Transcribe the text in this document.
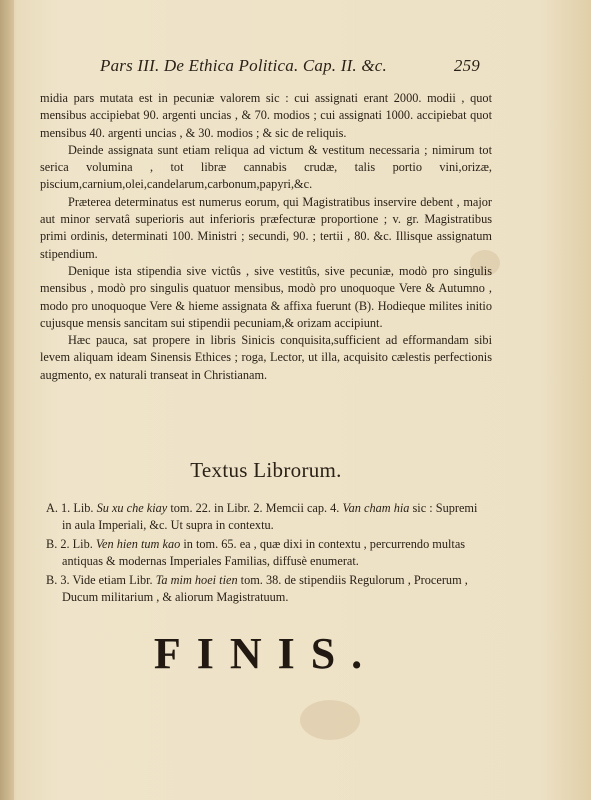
Pars III. De Ethica Politica. Cap. II. &c.	259

midia pars mutata est in pecuniæ valorem sic : cui assignati erant 2000. modii , quot mensibus accipiebat 90. argenti uncias , & 70. modios ; cui assignati 1000. accipiebat quot mensibus 40. argenti uncias , & 30. modios ; & sic de reliquis.

Deinde assignata sunt etiam reliqua ad victum & vestitum necessaria ; nimirum tot serica volumina , tot libræ cannabis crudæ, talis portio vini,orizæ, piscium,carnium,olei,candelarum,carbonum,papyri,&c.

Præterea determinatus est numerus eorum, qui Magistratibus inservire debent , major aut minor servatâ superioris aut inferioris præfecturæ proportione ; v. gr. Magistratibus primi ordinis, determinati 100. Ministri ; secundi, 90. ; tertii , 80. &c. Illisque assignatum stipendium.

Denique ista stipendia sive victûs , sive vestitûs, sive pecuniæ, modò pro singulis mensibus , modò pro singulis quatuor mensibus, modò pro unoquoque Vere & Autumno , modo pro unoquoque Vere & hieme assignata & affixa fuerunt (B). Hodieque milites initio cujusque mensis sancitam sui stipendii pecuniam,& orizam accipiunt.

Hæc pauca, sat propere in libris Sinicis conquisita,sufficient ad efformandam sibi levem aliquam ideam Sinensis Ethices ; roga, Lector, ut illa, acquisito cælestis perfectionis augmento, ex naturali transeat in Christianam.

Textus Librorum.

A. 1. Lib. Su xu che kiay tom. 22. in Libr. 2. Memcii cap. 4. Van cham hia sic : Supremi in aula Imperiali, &c. Ut supra in contextu.

B. 2. Lib. Ven hien tum kao in tom. 65. ea , quæ dixi in contextu , percurrendo multas antiquas & modernas Imperiales Familias, diffusè enumerat.

B. 3. Vide etiam Libr. Ta mim hoei tien tom. 38. de stipendiis Regulorum , Procerum , Ducum militarium , & aliorum Magistratuum.

FINIS.
